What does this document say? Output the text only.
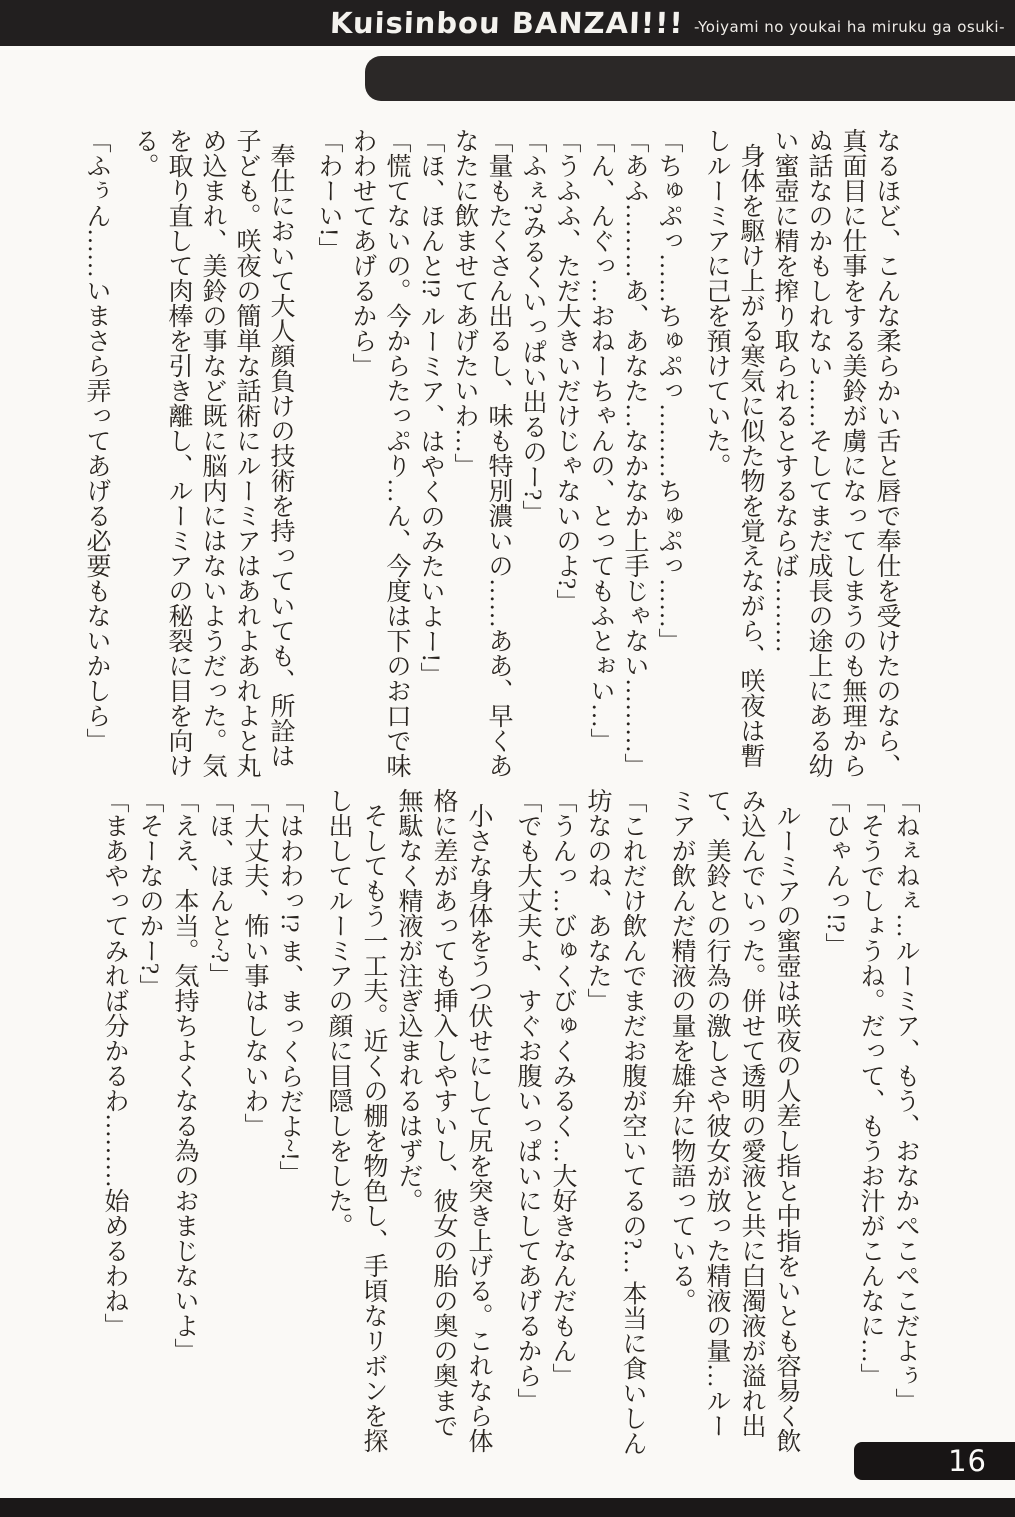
Kuisinbou BANZAI!!! -Yoiyami no youkai ha miruku ga osuki-

なるほど、こんな柔らかい舌と唇で奉仕を受けたのなら、真面目に仕事をする美鈴が虜になってしまうのも無理からぬ話なのかもしれない……そしてまだ成長の途上にある幼い蜜壺に精を搾り取られるとするならば………

身体を駆け上がる寒気に似た物を覚えながら、咲夜は暫しルーミアに己を預けていた。

「ちゅぷっ……ちゅぷっ………ちゅぷっ……」

「あふ………あ、あなた…なかなか上手じゃない………」

「ん、んぐっ…おねーちゃんの、とってもふとぉい…」

「うふふ、ただ大きいだけじゃないのよ?」

「ふぇ?みるくいっぱい出るのー?」

「量もたくさん出るし、味も特別濃いの……ああ、早くあなたに飲ませてあげたいわ…」

「ほ、ほんと!? ルーミア、はやくのみたいよー!」

「慌てないの。今からたっぷり…ん、今度は下のお口で味わわせてあげるから」

「わーい!」

奉仕において大人顔負けの技術を持っていても、所詮は子ども。咲夜の簡単な話術にルーミアはあれよあれよと丸め込まれ、美鈴の事など既に脳内にはないようだった。気を取り直して肉棒を引き離し、ルーミアの秘裂に目を向ける。

「ふぅん……いまさら弄ってあげる必要もないかしら」

「ねぇねぇ…ルーミア、もう、おなかぺこぺこだよぅ」

「そうでしょうね。だって、もうお汁がこんなに…」

「ひゃんっ!?」

ルーミアの蜜壺は咲夜の人差し指と中指をいとも容易く飲み込んでいった。併せて透明の愛液と共に白濁液が溢れ出て、美鈴との行為の激しさや彼女が放った精液の量…ルーミアが飲んだ精液の量を雄弁に物語っている。

「これだけ飲んでまだお腹が空いてるの?… 本当に食いしん坊なのね、あなた」

「うんっ…びゅくびゅくみるく…大好きなんだもん」

「でも大丈夫よ、すぐお腹いっぱいにしてあげるから」

小さな身体をうつ伏せにして尻を突き上げる。これなら体格に差があっても挿入しやすいし、彼女の胎の奥の奥まで無駄なく精液が注ぎ込まれるはずだ。

そしてもう一工夫。近くの棚を物色し、手頃なリボンを探し出してルーミアの顔に目隠しをした。

「はわわっ!? ま、まっくらだよ~!」

「大丈夫、怖い事はしないわ」

「ほ、ほんと~?」

「ええ、本当。気持ちよくなる為のおまじないよ」

「そーなのかー?」

「まあやってみれば分かるわ………始めるわね」

16
